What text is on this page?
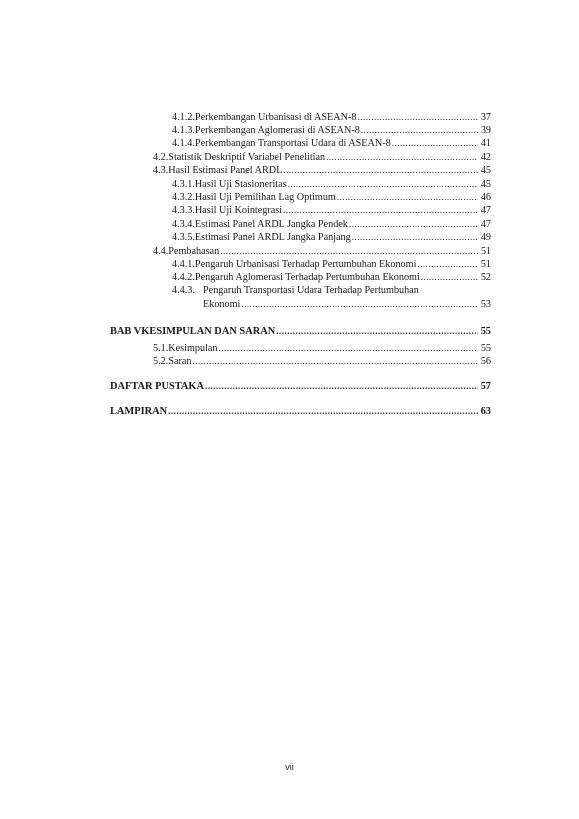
4.1.2. Perkembangan Urbanisasi di ASEAN-8 .....	37
4.1.3. Perkembangan Aglomerasi di ASEAN-8 .....	39
4.1.4. Perkembangan Transportasi Udara di ASEAN-8 .....	41
4.2. Statistik Deskriptif Variabel Penelitian .....	42
4.3. Hasil Estimasi Panel ARDL .....	45
4.3.1. Hasil Uji Stasioneritas .....	45
4.3.2. Hasil Uji Pemilihan Lag Optimum .....	46
4.3.3. Hasil Uji Kointegrasi .....	47
4.3.4. Estimasi Panel ARDL Jangka Pendek .....	47
4.3.5. Estimasi Panel ARDL Jangka Panjang .....	49
4.4. Pembahasan .....	51
4.4.1. Pengaruh Urbanisasi Terhadap Pertumbuhan Ekonomi .....	51
4.4.2. Pengaruh Aglomerasi Terhadap Pertumbuhan Ekonomi .....	52
4.4.3. Pengaruh Transportasi Udara Terhadap Pertumbuhan
Ekonomi .....	53
BAB V KESIMPULAN DAN SARAN .....	55
5.1. Kesimpulan .....	55
5.2. Saran .....	56
DAFTAR PUSTAKA .....	57
LAMPIRAN .....	63
vii
